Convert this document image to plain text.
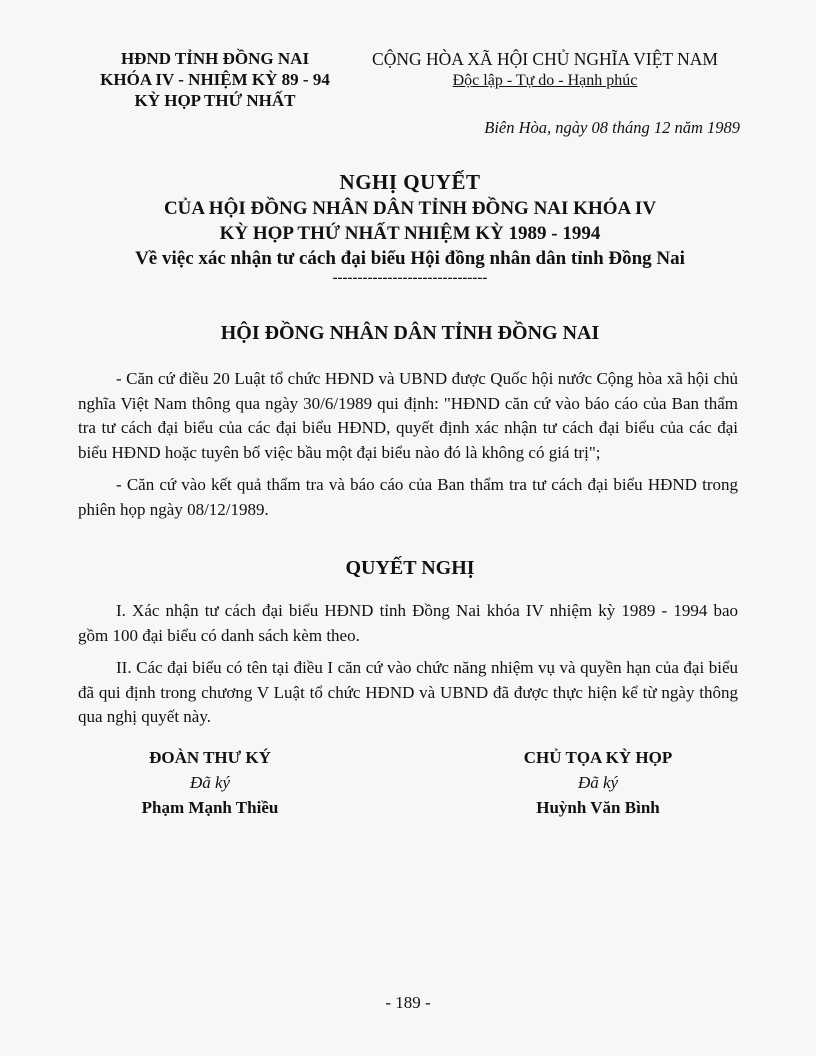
HĐND TỈNH ĐỒNG NAI
KHÓA IV - NHIỆM KỲ 89 - 94
KỲ HỌP THỨ NHẤT
CỘNG HÒA XÃ HỘI CHỦ NGHĨA VIỆT NAM
Độc lập - Tự do - Hạnh phúc
Biên Hòa, ngày 08 tháng 12 năm 1989
NGHỊ QUYẾT
CỦA HỘI ĐỒNG NHÂN DÂN TỈNH ĐỒNG NAI KHÓA IV
KỲ HỌP THỨ NHẤT NHIỆM KỲ 1989 - 1994
Về việc xác nhận tư cách đại biểu Hội đồng nhân dân tỉnh Đồng Nai
-------------------------------
HỘI ĐỒNG NHÂN DÂN TỈNH ĐỒNG NAI

- Căn cứ điều 20 Luật tổ chức HĐND và UBND được Quốc hội nước Cộng hòa xã hội chủ nghĩa Việt Nam thông qua ngày 30/6/1989 qui định: "HĐND căn cứ vào báo cáo của Ban thẩm tra tư cách đại biểu của các đại biểu HĐND, quyết định xác nhận tư cách đại biểu của các đại biểu HĐND hoặc tuyên bố việc bầu một đại biểu nào đó là không có giá trị";

- Căn cứ vào kết quả thẩm tra và báo cáo của Ban thẩm tra tư cách đại biểu HĐND trong phiên họp ngày 08/12/1989.

QUYẾT NGHỊ

I. Xác nhận tư cách đại biểu HĐND tỉnh Đồng Nai khóa IV nhiệm kỳ 1989 - 1994 bao gồm 100 đại biểu có danh sách kèm theo.

II. Các đại biểu có tên tại điều I căn cứ vào chức năng nhiệm vụ và quyền hạn của đại biểu đã qui định trong chương V Luật tổ chức HĐND và UBND đã được thực hiện kể từ ngày thông qua nghị quyết này.

ĐOÀN THƯ KÝ
Đã ký
Phạm Mạnh Thiều
CHỦ TỌA KỲ HỌP
Đã ký
Huỳnh Văn Bình
- 189 -
